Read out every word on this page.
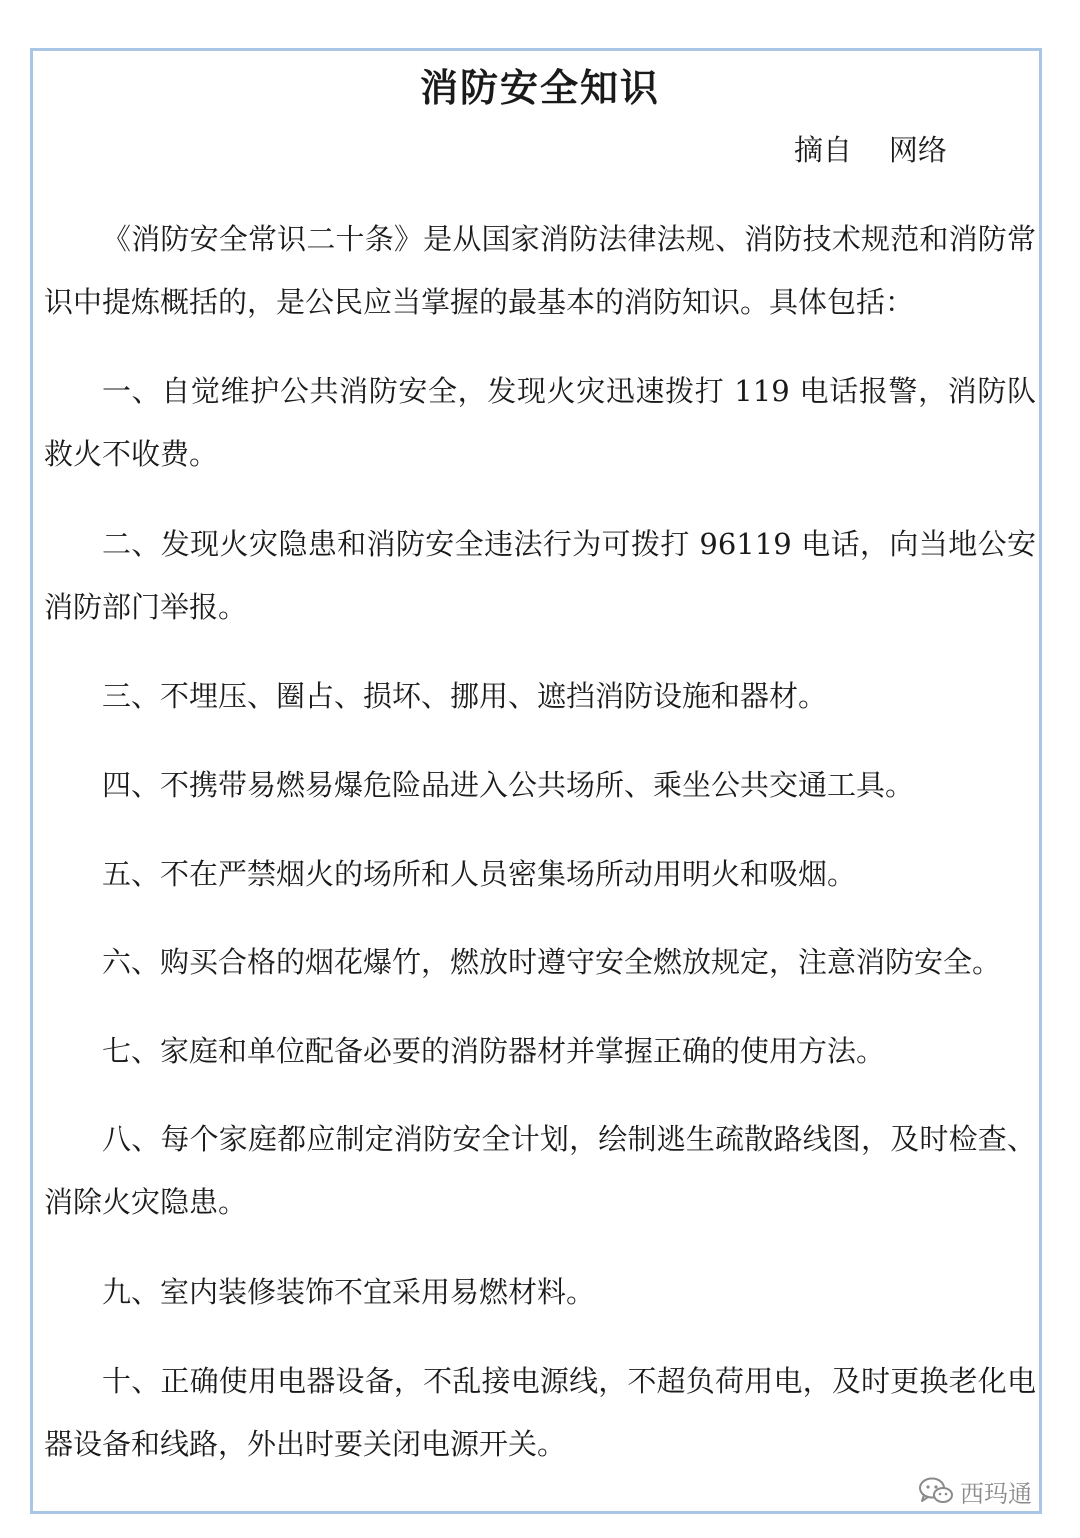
消防安全知识
摘自    网络

《消防安全常识二十条》是从国家消防法律法规、消防技术规范和消防常识中提炼概括的，是公民应当掌握的最基本的消防知识。具体包括：

一、自觉维护公共消防安全，发现火灾迅速拨打 119 电话报警，消防队救火不收费。

二、发现火灾隐患和消防安全违法行为可拨打 96119 电话，向当地公安消防部门举报。

三、不埋压、圈占、损坏、挪用、遮挡消防设施和器材。

四、不携带易燃易爆危险品进入公共场所、乘坐公共交通工具。

五、不在严禁烟火的场所和人员密集场所动用明火和吸烟。

六、购买合格的烟花爆竹，燃放时遵守安全燃放规定，注意消防安全。

七、家庭和单位配备必要的消防器材并掌握正确的使用方法。

八、每个家庭都应制定消防安全计划，绘制逃生疏散路线图，及时检查、消除火灾隐患。

九、室内装修装饰不宜采用易燃材料。

十、正确使用电器设备，不乱接电源线，不超负荷用电，及时更换老化电器设备和线路，外出时要关闭电源开关。

西玛通
